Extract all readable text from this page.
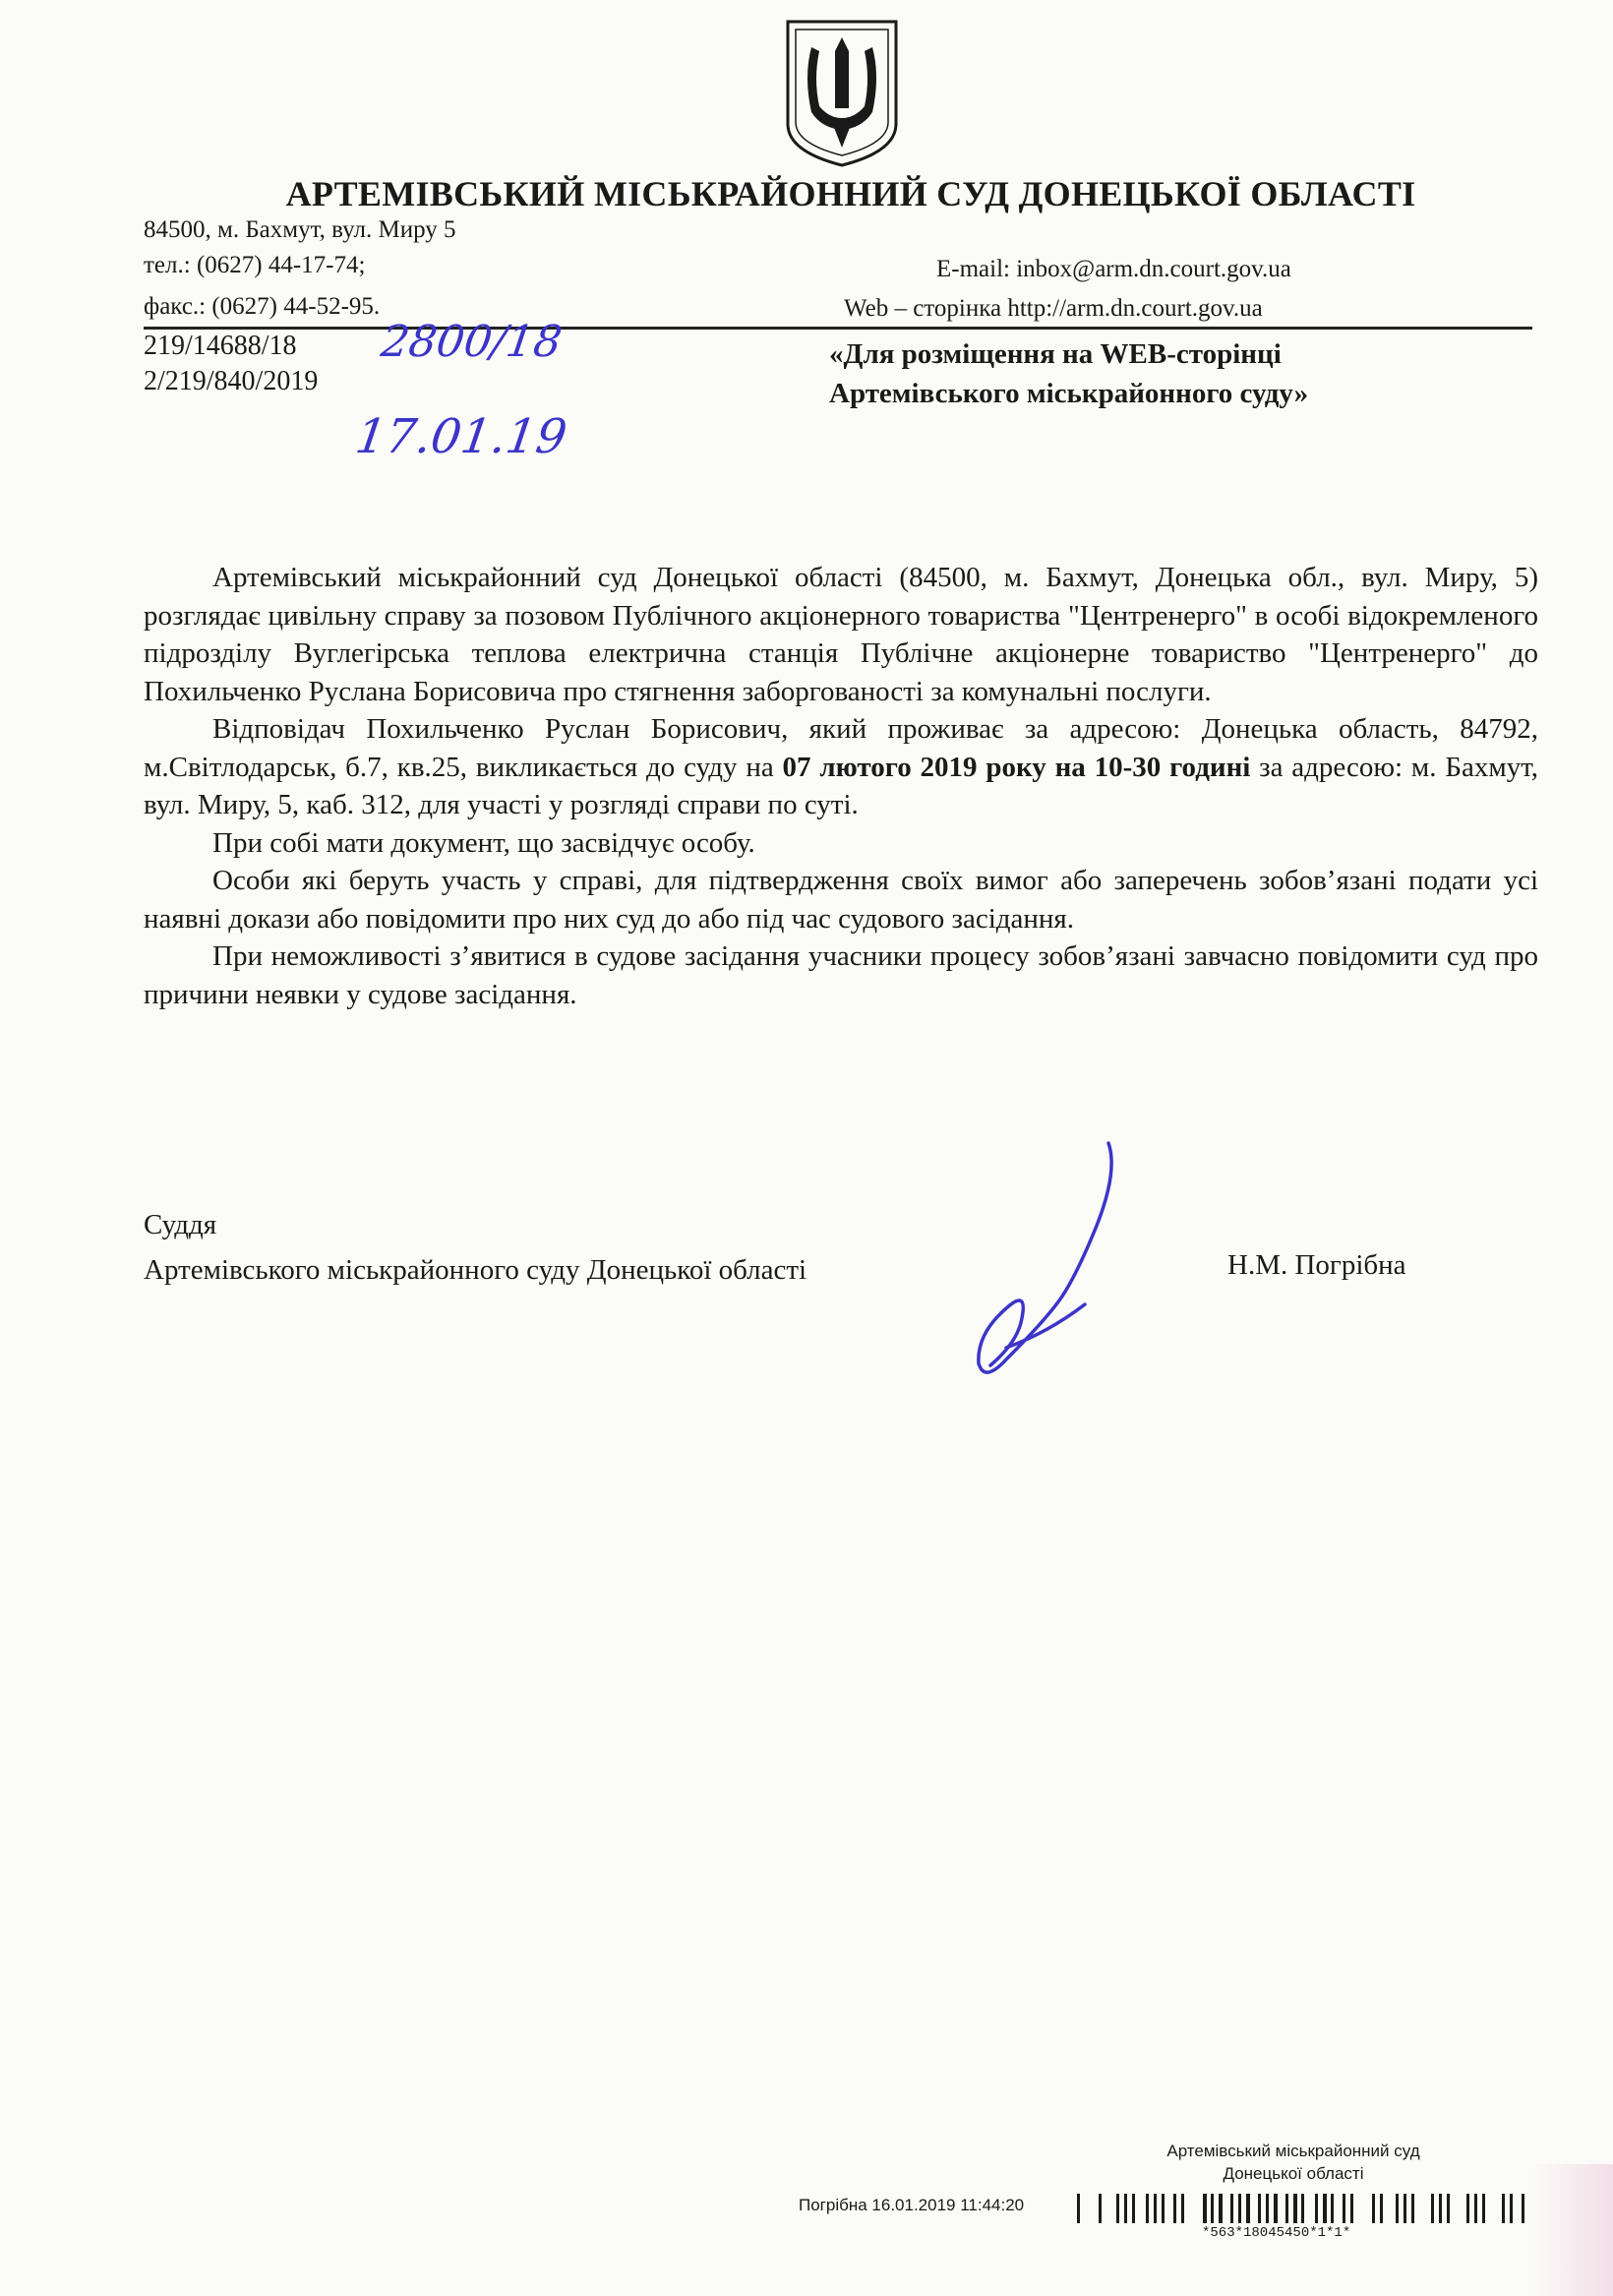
АРТЕМІВСЬКИЙ МІСЬКРАЙОННИЙ СУД ДОНЕЦЬКОЇ ОБЛАСТІ
84500, м. Бахмут, вул. Миру 5
тел.: (0627) 44-17-74;
факс.: (0627) 44-52-95.
E-mail: inbox@arm.dn.court.gov.ua
Web – сторінка http://arm.dn.court.gov.ua
219/14688/18
2/219/840/2019
2800/18
17.01.19
«Для розміщення на WEB-сторінці
Артемівського міськрайонного суду»

Артемівський міськрайонний суд Донецької області (84500, м. Бахмут, Донецька обл., вул. Миру, 5) розглядає цивільну справу за позовом Публічного акціонерного товариства "Центренерго" в особі відокремленого підрозділу Вуглегірська теплова електрична станція Публічне акціонерне товариство "Центренерго" до Похильченко Руслана Борисовича про стягнення заборгованості за комунальні послуги.

Відповідач Похильченко Руслан Борисович, який проживає за адресою: Донецька область, 84792, м.Світлодарськ, б.7, кв.25, викликається до суду на 07 лютого 2019 року на 10-30 годині за адресою: м. Бахмут, вул. Миру, 5, каб. 312, для участі у розгляді справи по суті.

При собі мати документ, що засвідчує особу.

Особи які беруть участь у справі, для підтвердження своїх вимог або заперечень зобов’язані подати усі наявні докази або повідомити про них суд до або під час судового засідання.

При неможливості з’явитися в судове засідання учасники процесу зобов’язані завчасно повідомити суд про причини неявки у судове засідання.

Суддя
Артемівського міськрайонного суду Донецької області	Н.М. Погрібна
Артемівський міськрайонний суд
Донецької області
Погрібна 16.01.2019 11:44:20
*563*18045450*1*1*
